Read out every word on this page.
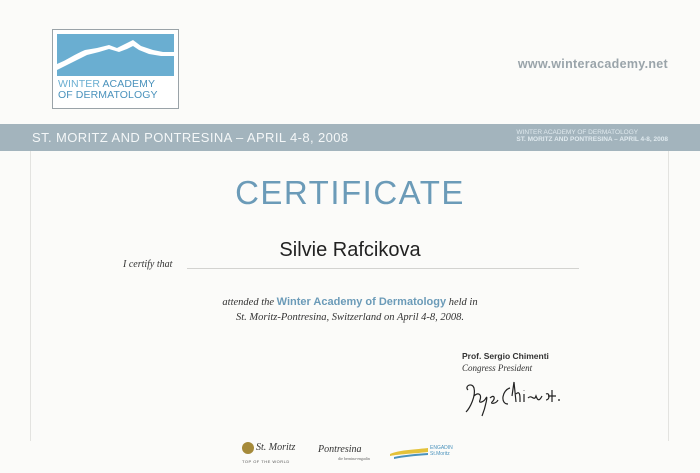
WINTER ACADEMY
OF DERMATOLOGY
www.winteracademy.net
ST. MORITZ AND PONTRESINA – APRIL 4-8, 2008	WINTER ACADEMY OF DERMATOLOGY
ST. MORITZ AND PONTRESINA – APRIL 4-8, 2008
CERTIFICATE
I certify that
Silvie Rafcikova
attended the Winter Academy of Dermatology held in
St. Moritz-Pontresina, Switzerland on April 4-8, 2008.
Prof. Sergio Chimenti
Congress President
St. Moritz
TOP OF THE WORLD
Pontresina
die bernina-engadin
ENGADIN
St.Moritz
